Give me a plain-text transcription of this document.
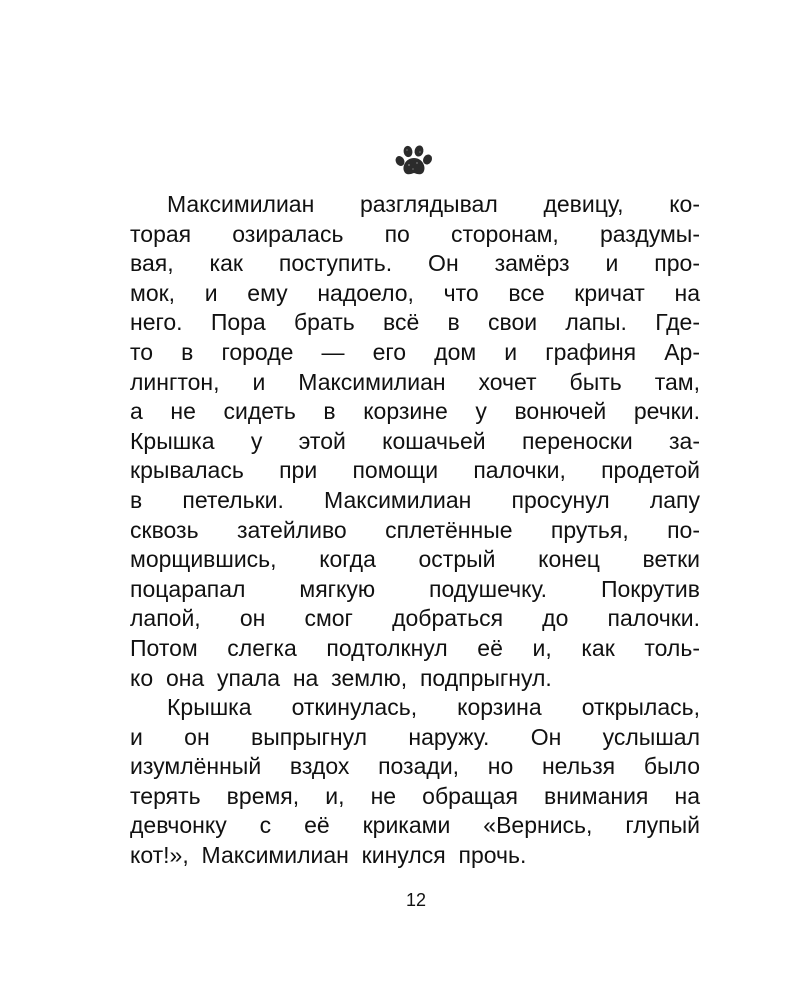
Максимилиан разглядывал девицу, ко-
торая озиралась по сторонам, раздумы-
вая, как поступить. Он замёрз и про-
мок, и ему надоело, что все кричат на
него. Пора брать всё в свои лапы. Где-
то в городе — его дом и графиня Ар-
лингтон, и Максимилиан хочет быть там,
а не сидеть в корзине у вонючей речки.
Крышка у этой кошачьей переноски за-
крывалась при помощи палочки, продетой
в петельки. Максимилиан просунул лапу
сквозь затейливо сплетённые прутья, по-
морщившись, когда острый конец ветки
поцарапал мягкую подушечку. Покрутив
лапой, он смог добраться до палочки.
Потом слегка подтолкнул её и, как толь-
ко она упала на землю, подпрыгнул.
Крышка откинулась, корзина открылась,
и он выпрыгнул наружу. Он услышал
изумлённый вздох позади, но нельзя было
терять время, и, не обращая внимания на
девчонку с её криками «Вернись, глупый
кот!», Максимилиан кинулся прочь.
12
